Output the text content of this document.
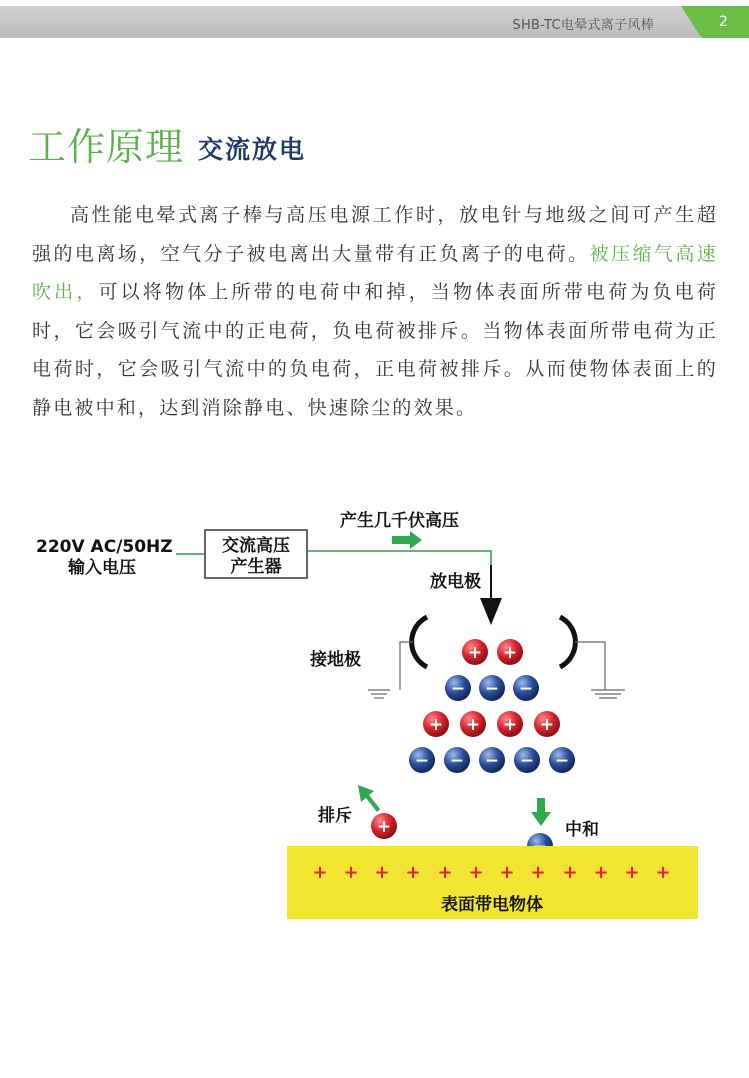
SHB-TC电晕式离子风棒	2
工作原理 交流放电

高性能电晕式离子棒与高压电源工作时，放电针与地级之间可产生超强的电离场，空气分子被电离出大量带有正负离子的电荷。被压缩气高速吹出，可以将物体上所带的电荷中和掉，当物体表面所带电荷为负电荷时，它会吸引气流中的正电荷，负电荷被排斥。当物体表面所带电荷为正电荷时，它会吸引气流中的负电荷，正电荷被排斥。从而使物体表面上的静电被中和，达到消除静电、快速除尘的效果。

220V AC/50HZ
输入电压
交流高压
产生器
产生几千伏高压
放电极
接地极	+ +
− − −
+ + + +
− − − − −
排斥
+	中和
+ + + + + + + + + + + +
表面带电物体
